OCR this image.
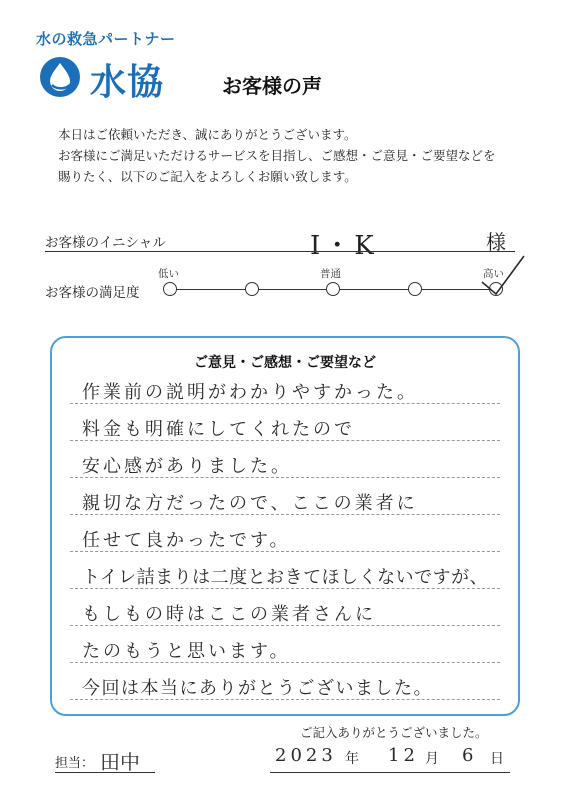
水の救急パートナー
水協	お客様の声
本日はご依頼いただき、誠にありがとうございます。
お客様にご満足いただけるサービスを目指し、ご感想・ご意見・ご要望などを
賜りたく、以下のご記入をよろしくお願い致します。
お客様のイニシャル	I・K	様
お客様の満足度
低い	普通	高い
ご意見・ご感想・ご要望など
作業前の説明がわかりやすかった。
料金も明確にしてくれたので
安心感がありました。
親切な方だったので、ここの業者に
任せて良かったです。
トイレ詰まりは二度とおきてほしくないですが、
もしもの時はここの業者さんに
たのもうと思います。
今回は本当にありがとうございました。
ご記入ありがとうございました。
担当： 田中	2023 年 12 月 6 日
